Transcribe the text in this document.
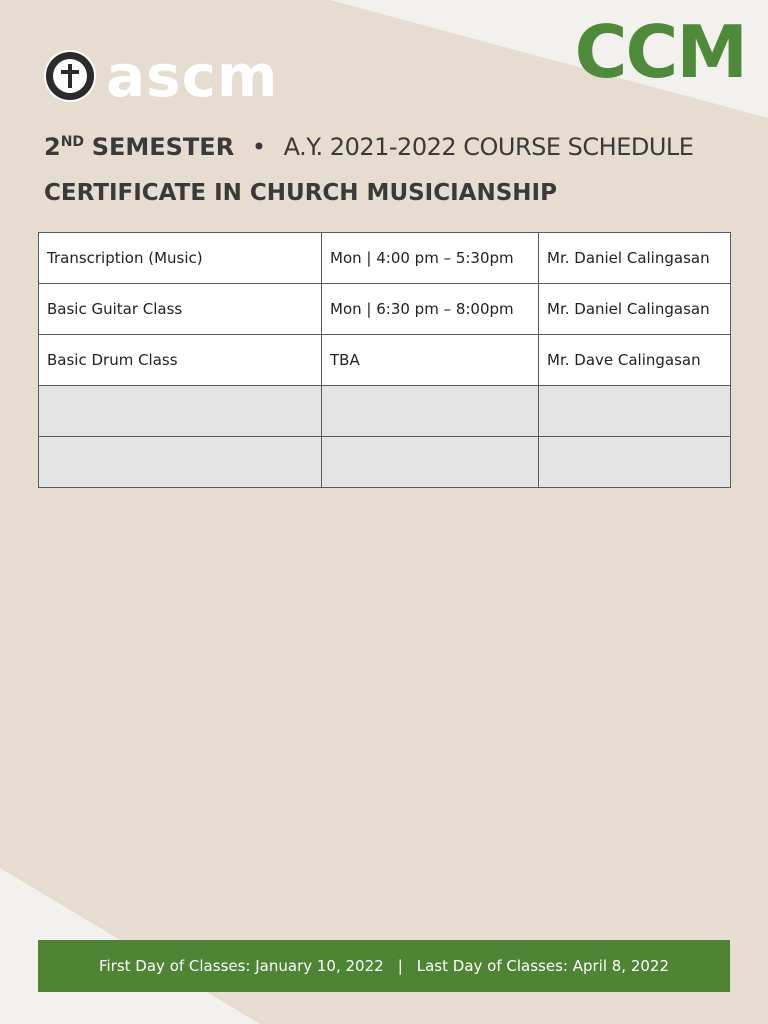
ascm	CCM
2ND SEMESTER • A.Y. 2021-2022 COURSE SCHEDULE
CERTIFICATE IN CHURCH MUSICIANSHIP
Transcription (Music)	Mon | 4:00 pm – 5:30pm	Mr. Daniel Calingasan
Basic Guitar Class	Mon | 6:30 pm – 8:00pm	Mr. Daniel Calingasan
Basic Drum Class	TBA	Mr. Dave Calingasan

First Day of Classes: January 10, 2022 | Last Day of Classes: April 8, 2022
